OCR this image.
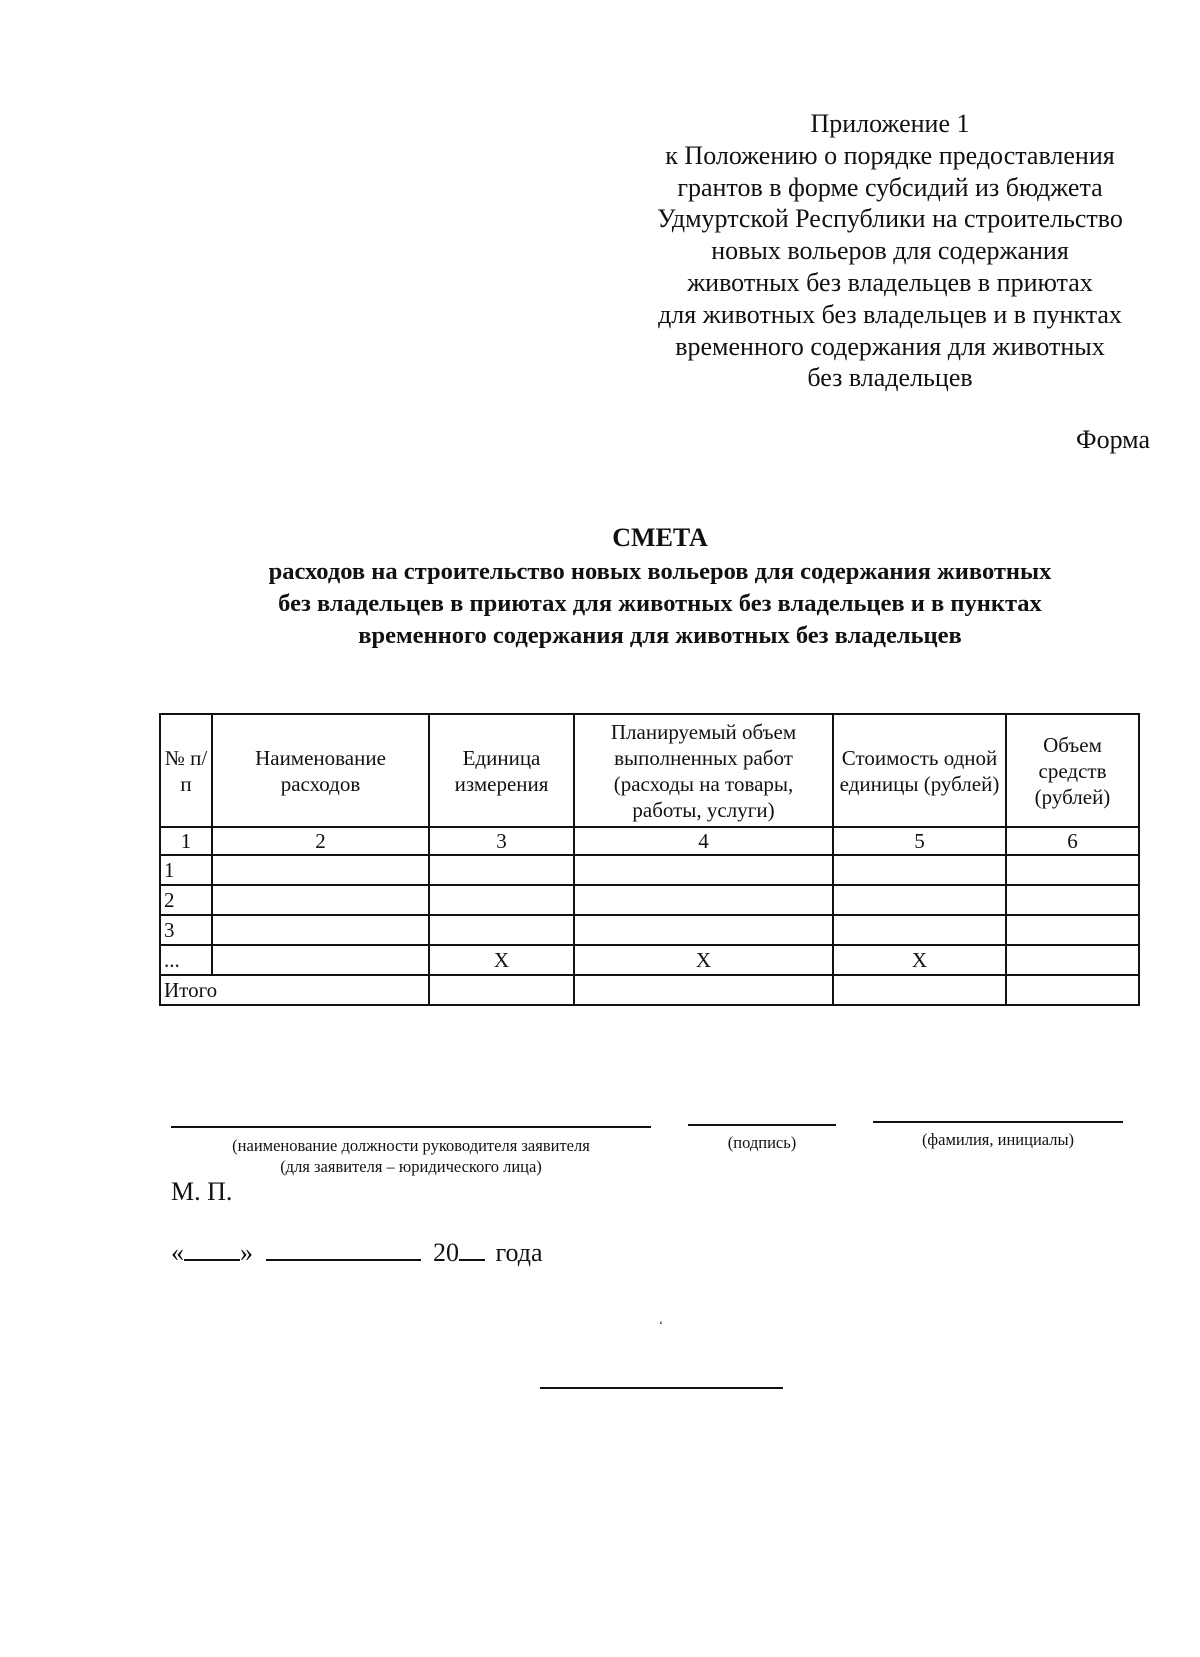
Приложение 1
к Положению о порядке предоставления
грантов в форме субсидий из бюджета
Удмуртской Республики на строительство
новых вольеров для содержания
животных без владельцев в приютах
для животных без владельцев и в пунктах
временного содержания для животных
без владельцев
Форма
СМЕТА
расходов на строительство новых вольеров для содержания животных
без владельцев в приютах для животных без владельцев и в пунктах
временного содержания для животных без владельцев
№ п/п	Наименование расходов	Единица измерения	Планируемый объем выполненных работ (расходы на товары, работы, услуги)	Стоимость одной единицы (рублей)	Объем средств (рублей)
1	2	3	4	5	6
1					
2					
3					
...		X	X	X	
Итого					
(наименование должности руководителя заявителя
(для заявителя – юридического лица)
(подпись)	(фамилия, инициалы)
М. П.
« »	20 года
‘
